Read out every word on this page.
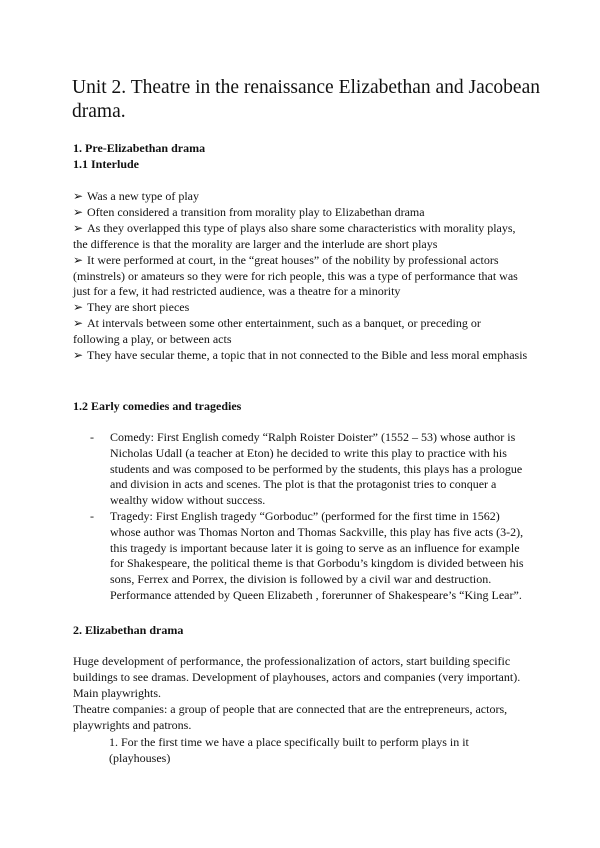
Unit 2. Theatre in the renaissance Elizabethan and Jacobean drama.

1. Pre-Elizabethan drama

1.1 Interlude

➢ Was a new type of play
➢ Often considered a transition from morality play to Elizabethan drama
➢ As they overlapped this type of plays also share some characteristics with morality plays, the difference is that the morality are larger and the interlude are short plays
➢ It were performed at court, in the “great houses” of the nobility by professional actors (minstrels) or amateurs so they were for rich people, this was a type of performance that was just for a few, it had restricted audience, was a theatre for a minority
➢ They are short pieces
➢ At intervals between some other entertainment, such as a banquet, or preceding or following a play, or between acts
➢ They have secular theme, a topic that in not connected to the Bible and less moral emphasis

1.2 Early comedies and tragedies

- Comedy: First English comedy “Ralph Roister Doister” (1552 – 53) whose author is Nicholas Udall (a teacher at Eton) he decided to write this play to practice with his students and was composed to be performed by the students, this plays has a prologue and division in acts and scenes. The plot is that the protagonist tries to conquer a wealthy widow without success.

- Tragedy: First English tragedy “Gorboduc” (performed for the first time in 1562) whose author was Thomas Norton and Thomas Sackville, this play has five acts (3-2), this tragedy is important because later it is going to serve as an influence for example for Shakespeare, the political theme is that Gorbodu’s kingdom is divided between his sons, Ferrex and Porrex, the division is followed by a civil war and destruction. Performance attended by Queen Elizabeth , forerunner of Shakespeare’s “King Lear”.

2. Elizabethan drama

Huge development of performance, the professionalization of actors, start building specific buildings to see dramas. Development of playhouses, actors and companies (very important). Main playwrights.

Theatre companies: a group of people that are connected that are the entrepreneurs, actors, playwrights and patrons.

1. For the first time we have a place specifically built to perform plays in it (playhouses)
